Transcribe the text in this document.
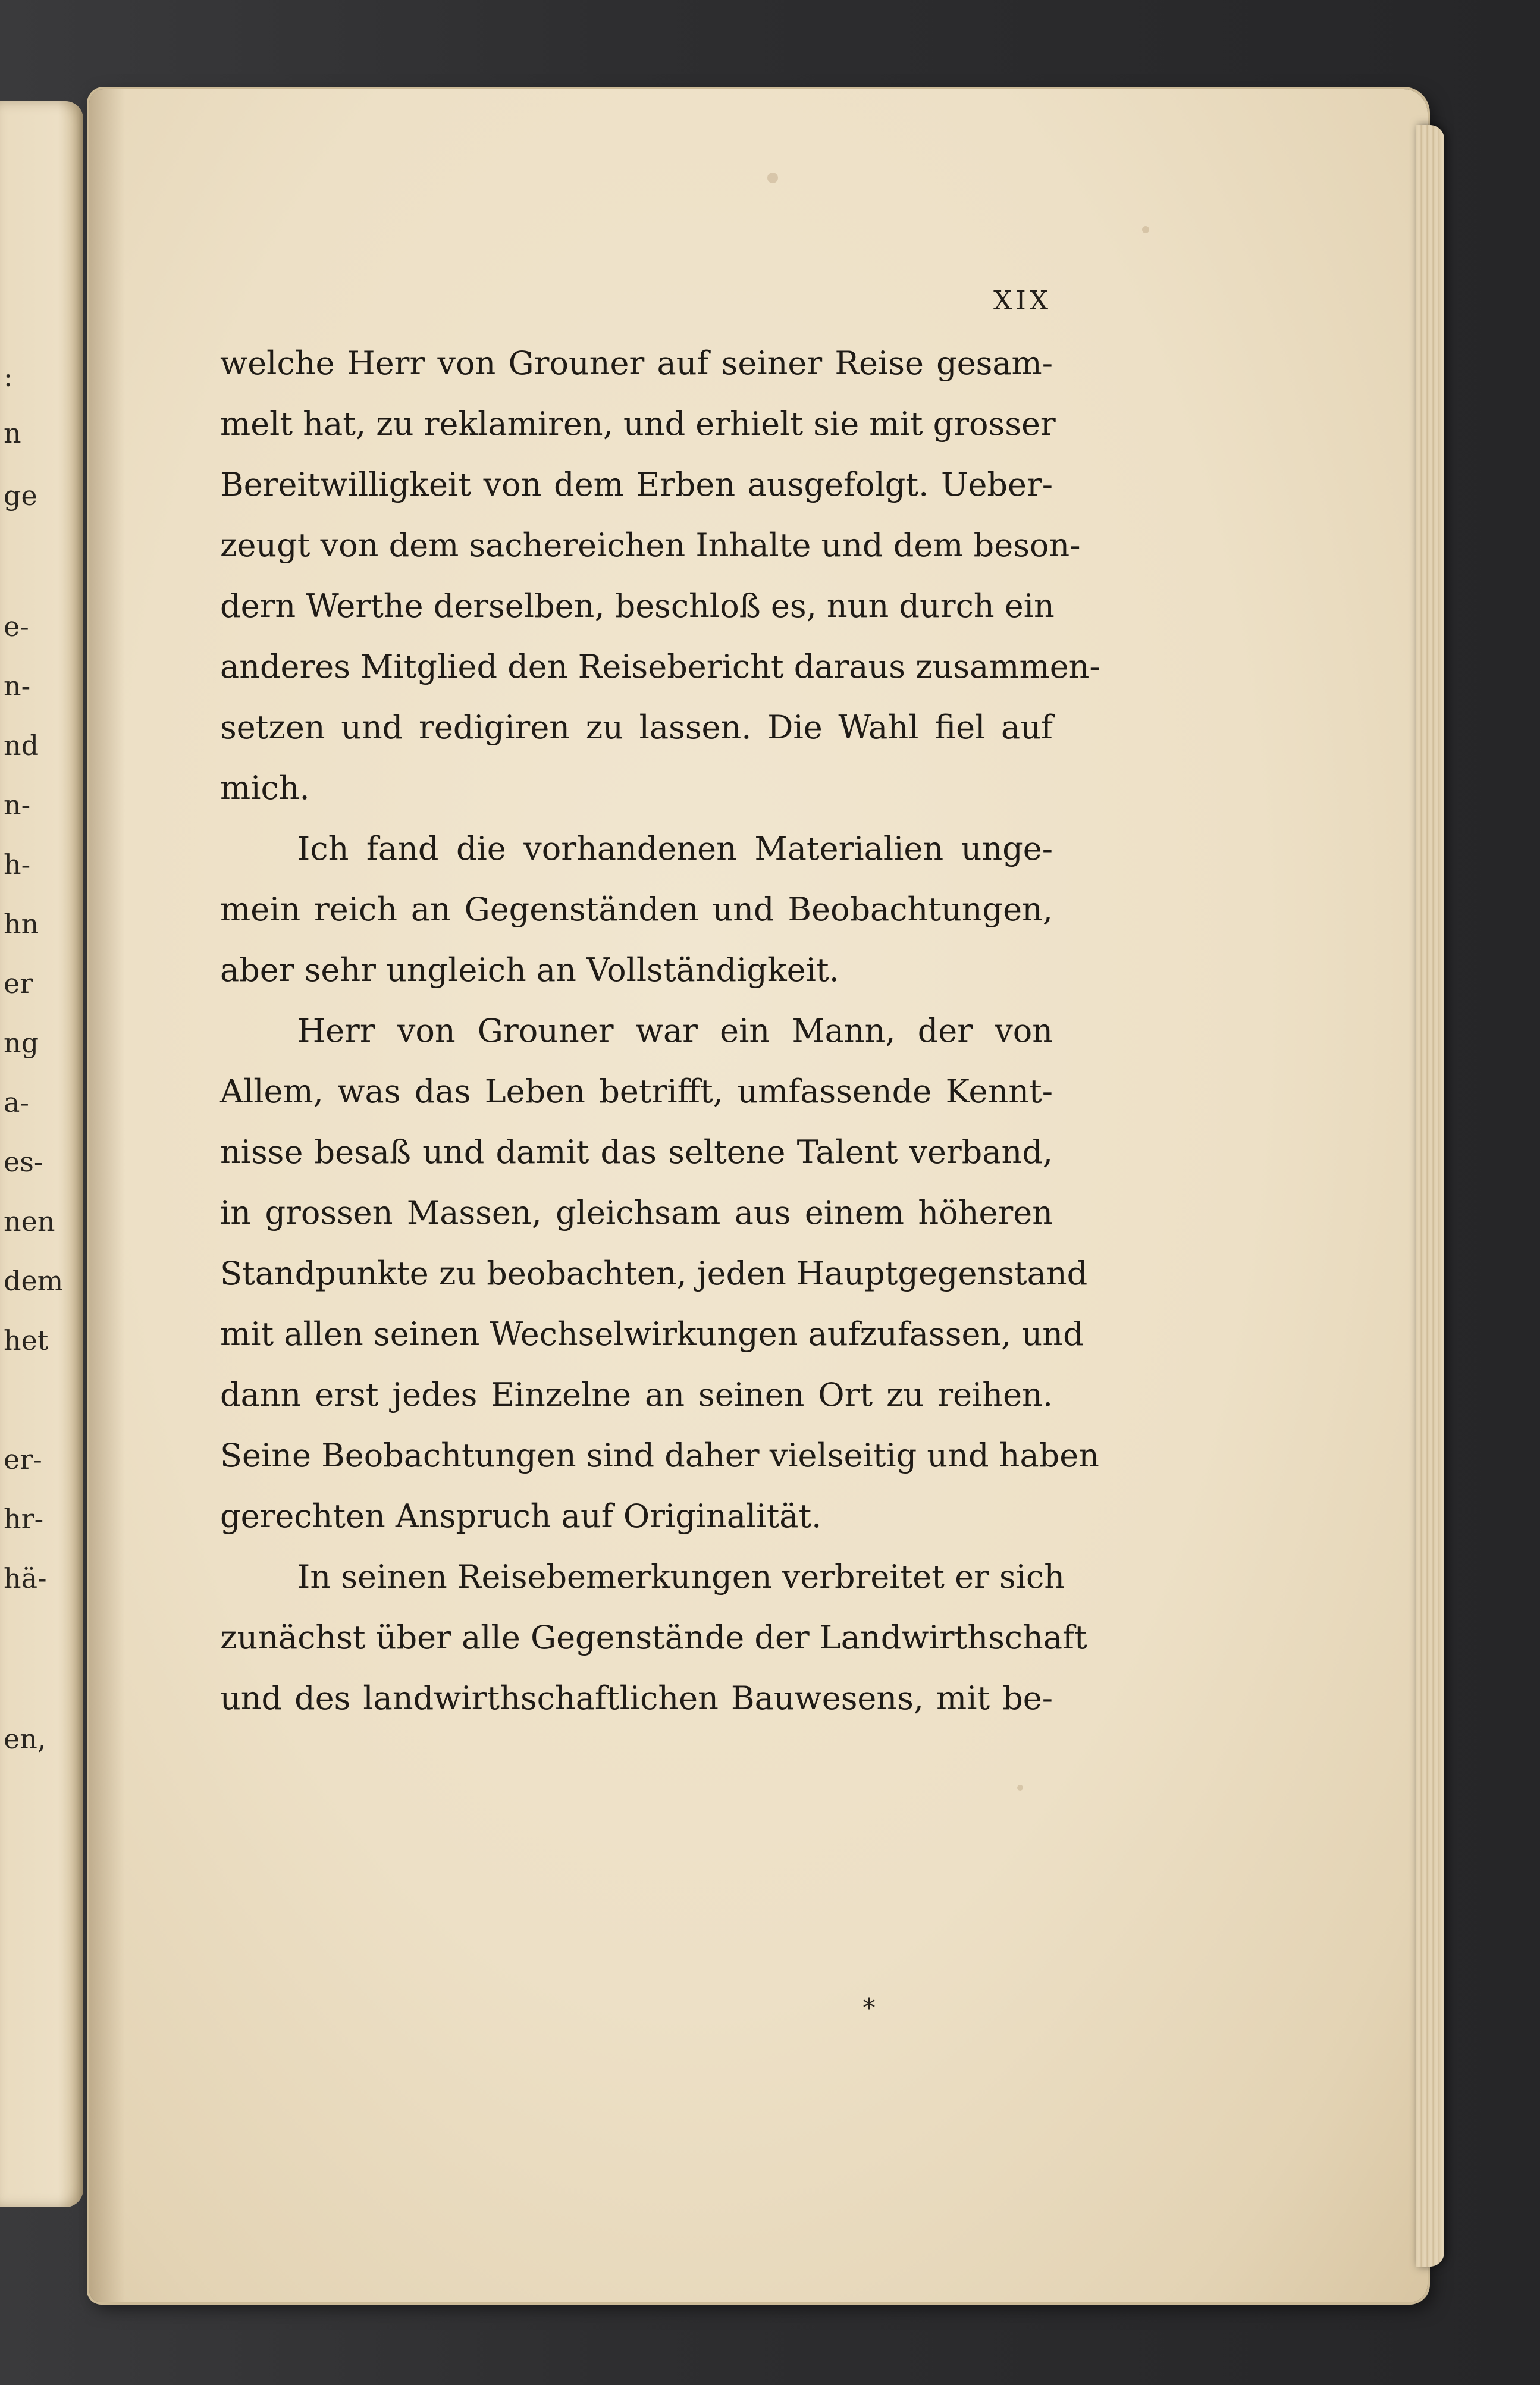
:
n
ge
e-
n-
nd
n-
h-
hn
er
ng
a-
es-
nen
dem
het
er-
hr-
hä-
en,
XIX
welche Herr von Grouner auf seiner Reise gesam-
melt hat, zu reklamiren, und erhielt sie mit grosser
Bereitwilligkeit von dem Erben ausgefolgt. Ueber-
zeugt von dem sachereichen Inhalte und dem beson-
dern Werthe derselben, beschloß es, nun durch ein
anderes Mitglied den Reisebericht daraus zusammen-
setzen und redigiren zu lassen. Die Wahl fiel auf
mich.
Ich fand die vorhandenen Materialien unge-
mein reich an Gegenständen und Beobachtungen,
aber sehr ungleich an Vollständigkeit.
Herr von Grouner war ein Mann, der von
Allem, was das Leben betrifft, umfassende Kennt-
nisse besaß und damit das seltene Talent verband,
in grossen Massen, gleichsam aus einem höheren
Standpunkte zu beobachten, jeden Hauptgegenstand
mit allen seinen Wechselwirkungen aufzufassen, und
dann erst jedes Einzelne an seinen Ort zu reihen.
Seine Beobachtungen sind daher vielseitig und haben
gerechten Anspruch auf Originalität.
In seinen Reisebemerkungen verbreitet er sich
zunächst über alle Gegenstände der Landwirthschaft
und des landwirthschaftlichen Bauwesens, mit be-
*
